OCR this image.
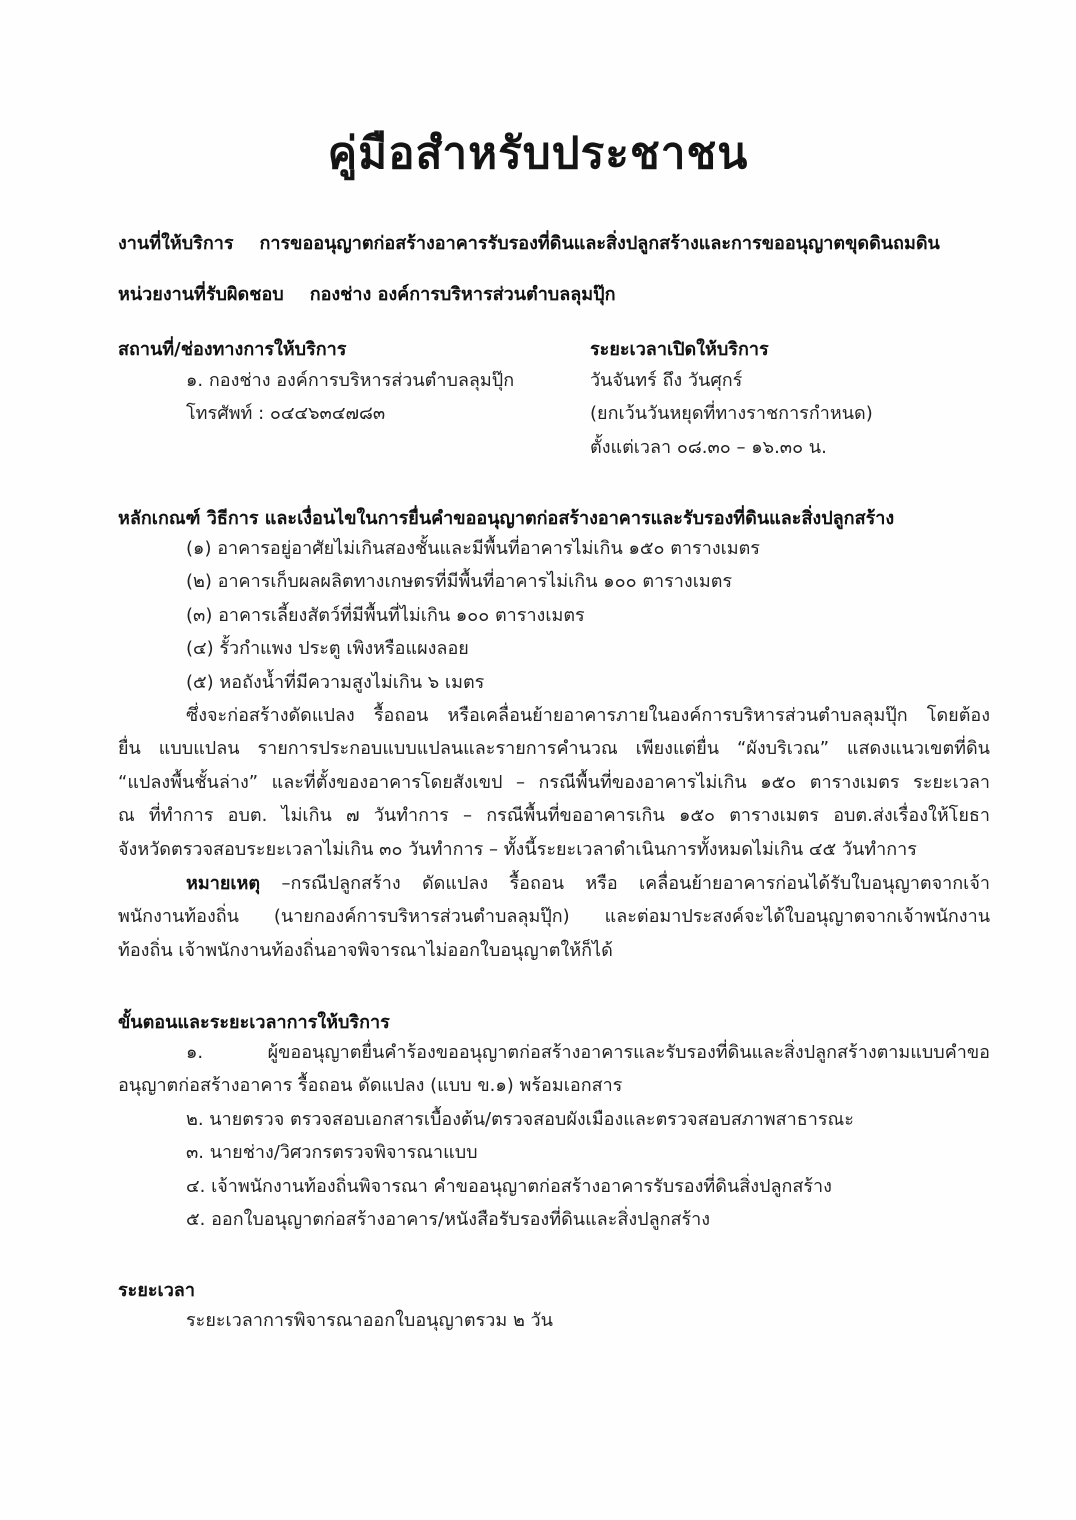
คู่มือสำหรับประชาชน
งานที่ให้บริการ การขออนุญาตก่อสร้างอาคารรับรองที่ดินและสิ่งปลูกสร้างและการขออนุญาตขุดดินถมดิน
หน่วยงานที่รับผิดชอบ กองช่าง องค์การบริหารส่วนตำบลลุมปุ๊ก
สถานที่/ช่องทางการให้บริการ
๑. กองช่าง องค์การบริหารส่วนตำบลลุมปุ๊ก
โทรศัพท์ : ๐๔๔๖๓๔๗๘๓
ระยะเวลาเปิดให้บริการ
วันจันทร์ ถึง วันศุกร์
(ยกเว้นวันหยุดที่ทางราชการกำหนด)
ตั้งแต่เวลา ๐๘.๓๐ – ๑๖.๓๐ น.
หลักเกณฑ์ วิธีการ และเงื่อนไขในการยื่นคำขออนุญาตก่อสร้างอาคารและรับรองที่ดินและสิ่งปลูกสร้าง
(๑) อาคารอยู่อาศัยไม่เกินสองชั้นและมีพื้นที่อาคารไม่เกิน ๑๕๐ ตารางเมตร
(๒) อาคารเก็บผลผลิตทางเกษตรที่มีพื้นที่อาคารไม่เกิน ๑๐๐ ตารางเมตร
(๓) อาคารเลี้ยงสัตว์ที่มีพื้นที่ไม่เกิน ๑๐๐ ตารางเมตร
(๔) รั้วกำแพง ประตู เพิงหรือแผงลอย
(๕) หอถังน้ำที่มีความสูงไม่เกิน ๖ เมตร
ซึ่งจะก่อสร้างดัดแปลง รื้อถอน หรือเคลื่อนย้ายอาคารภายในองค์การบริหารส่วนตำบลลุมปุ๊ก โดยต้อง
ยื่น แบบแปลน รายการประกอบแบบแปลนและรายการคำนวณ เพียงแต่ยื่น “ผังบริเวณ” แสดงแนวเขตที่ดิน
“แปลงพื้นชั้นล่าง” และที่ตั้งของอาคารโดยสังเขป – กรณีพื้นที่ของอาคารไม่เกิน ๑๕๐ ตารางเมตร ระยะเวลา
ณ ที่ทำการ อบต. ไม่เกิน ๗ วันทำการ – กรณีพื้นที่ขออาคารเกิน ๑๕๐ ตารางเมตร อบต.ส่งเรื่องให้โยธา
จังหวัดตรวจสอบระยะเวลาไม่เกิน ๓๐ วันทำการ – ทั้งนี้ระยะเวลาดำเนินการทั้งหมดไม่เกิน ๔๕ วันทำการ
หมายเหตุ –กรณีปลูกสร้าง ดัดแปลง รื้อถอน หรือ เคลื่อนย้ายอาคารก่อนได้รับใบอนุญาตจากเจ้า
พนักงานท้องถิ่น (นายกองค์การบริหารส่วนตำบลลุมปุ๊ก) และต่อมาประสงค์จะได้ใบอนุญาตจากเจ้าพนักงาน
ท้องถิ่น เจ้าพนักงานท้องถิ่นอาจพิจารณาไม่ออกใบอนุญาตให้ก็ได้
ขั้นตอนและระยะเวลาการให้บริการ
๑. ผู้ขออนุญาตยื่นคำร้องขออนุญาตก่อสร้างอาคารและรับรองที่ดินและสิ่งปลูกสร้างตามแบบคำขอ
อนุญาตก่อสร้างอาคาร รื้อถอน ดัดแปลง (แบบ ข.๑) พร้อมเอกสาร
๒. นายตรวจ ตรวจสอบเอกสารเบื้องต้น/ตรวจสอบผังเมืองและตรวจสอบสภาพสาธารณะ
๓. นายช่าง/วิศวกรตรวจพิจารณาแบบ
๔. เจ้าพนักงานท้องถิ่นพิจารณา คำขออนุญาตก่อสร้างอาคารรับรองที่ดินสิ่งปลูกสร้าง
๕. ออกใบอนุญาตก่อสร้างอาคาร/หนังสือรับรองที่ดินและสิ่งปลูกสร้าง
ระยะเวลา
ระยะเวลาการพิจารณาออกใบอนุญาตรวม ๒ วัน
